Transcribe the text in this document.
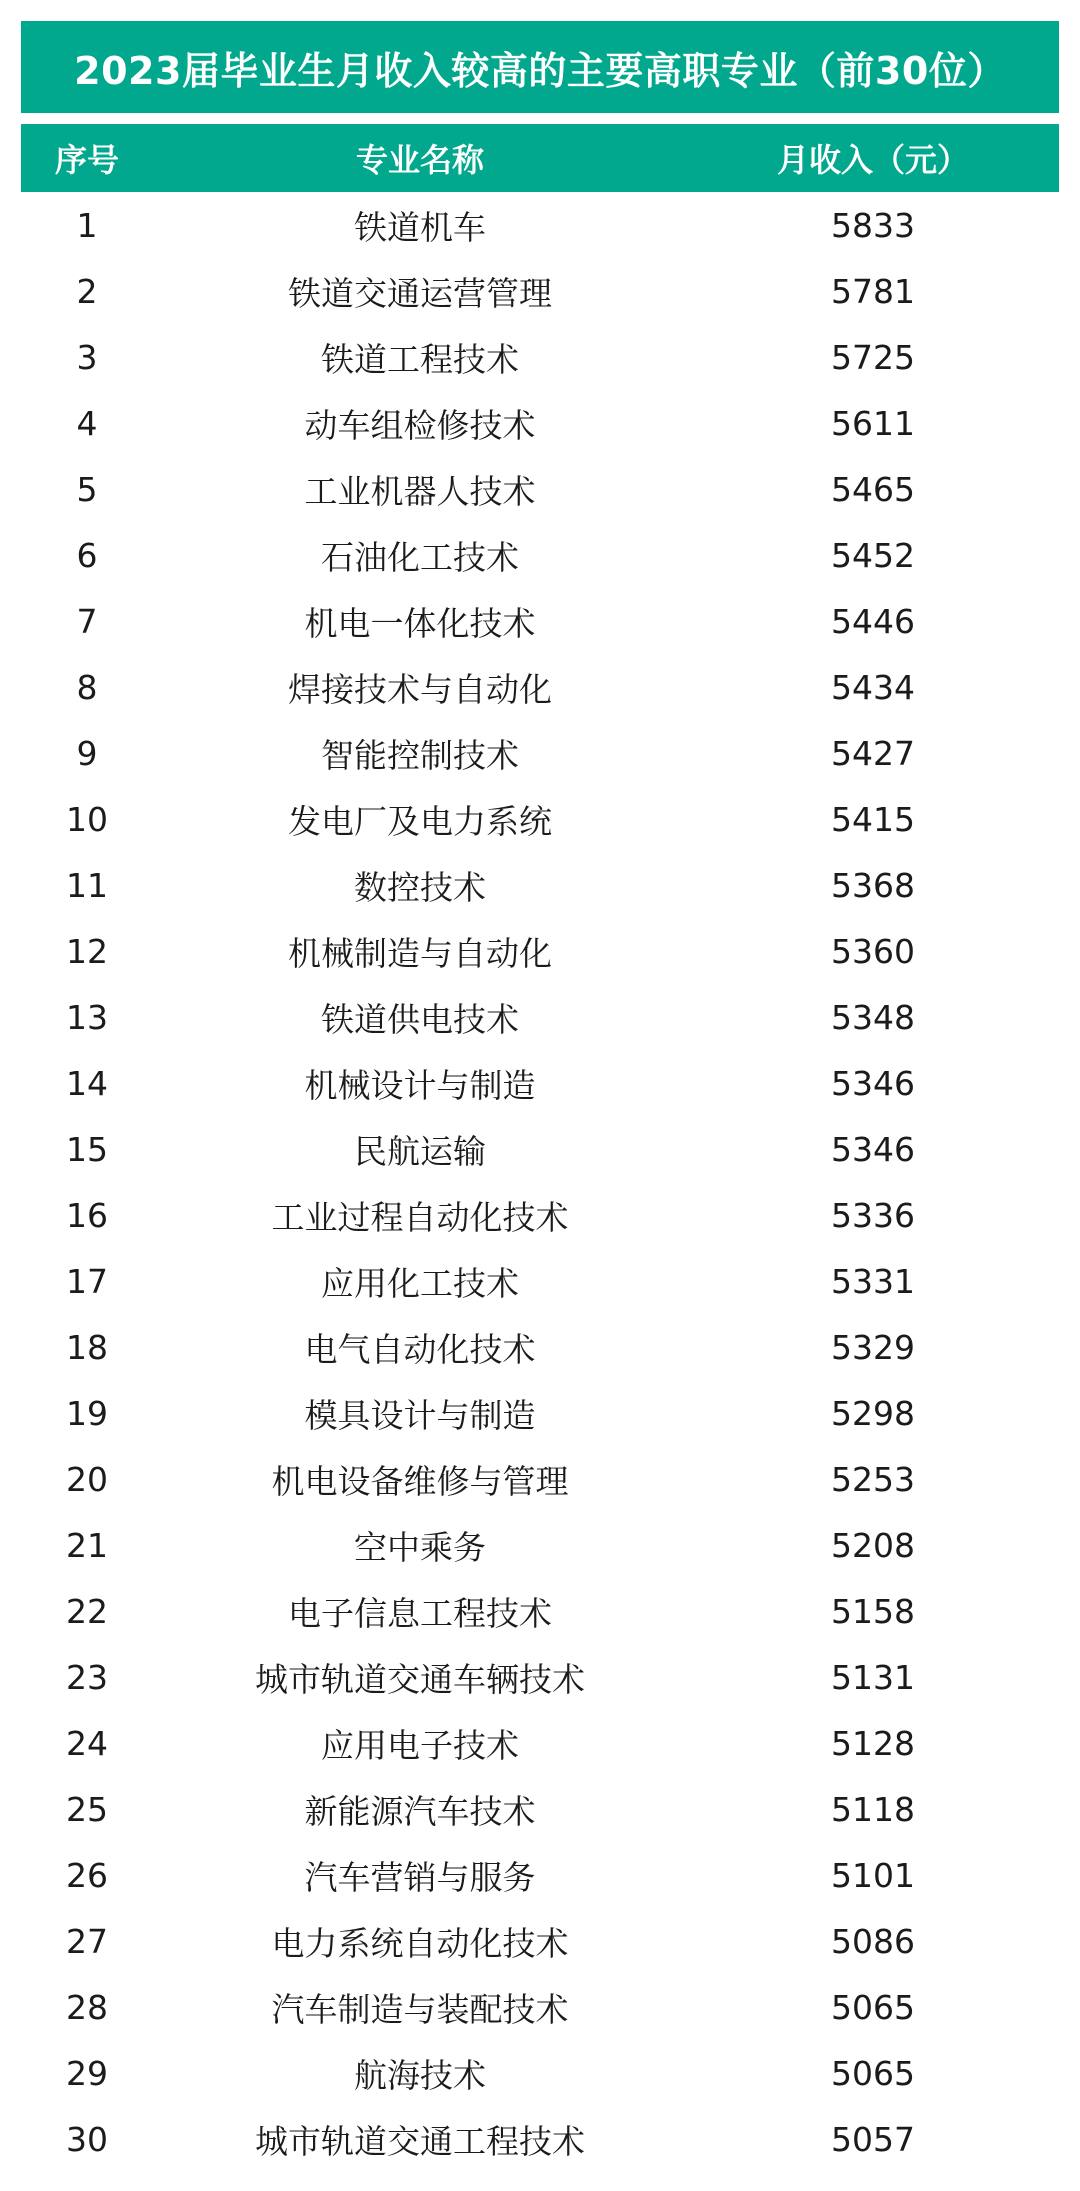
2023届毕业生月收入较高的主要高职专业（前30位）
序号	专业名称	月收入（元）
1	铁道机车	5833
2	铁道交通运营管理	5781
3	铁道工程技术	5725
4	动车组检修技术	5611
5	工业机器人技术	5465
6	石油化工技术	5452
7	机电一体化技术	5446
8	焊接技术与自动化	5434
9	智能控制技术	5427
10	发电厂及电力系统	5415
11	数控技术	5368
12	机械制造与自动化	5360
13	铁道供电技术	5348
14	机械设计与制造	5346
15	民航运输	5346
16	工业过程自动化技术	5336
17	应用化工技术	5331
18	电气自动化技术	5329
19	模具设计与制造	5298
20	机电设备维修与管理	5253
21	空中乘务	5208
22	电子信息工程技术	5158
23	城市轨道交通车辆技术	5131
24	应用电子技术	5128
25	新能源汽车技术	5118
26	汽车营销与服务	5101
27	电力系统自动化技术	5086
28	汽车制造与装配技术	5065
29	航海技术	5065
30	城市轨道交通工程技术	5057
